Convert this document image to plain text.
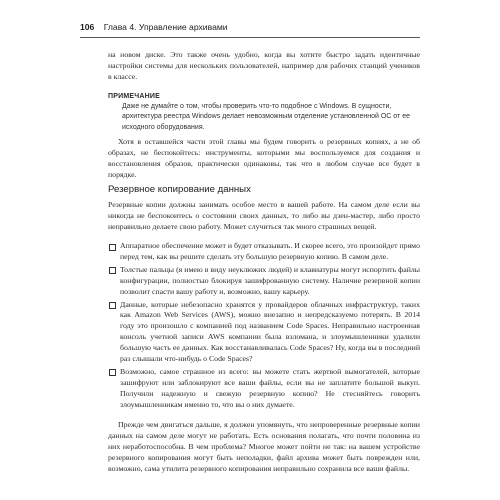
106 Глава 4. Управление архивами

на новом диске. Это также очень удобно, когда вы хотите быстро задать идентичные настройки системы для нескольких пользователей, например для рабочих станций учеников в классе.

ПРИМЕЧАНИЕ

Даже не думайте о том, чтобы проверить что-то подобное с Windows. В сущности, архитектура реестра Windows делает невозможным отделение установленной ОС от ее исходного оборудования.

Хотя в оставшейся части этой главы мы будем говорить о резервных копиях, а не об образах, не беспокойтесь: инструменты, которыми мы воспользуемся для создания и восстановления образов, практически одинаковы, так что в любом случае все будет в порядке.

Резервное копирование данных

Резервные копии должны занимать особое место в вашей работе. На самом деле если вы никогда не беспокоитесь о состоянии своих данных, то либо вы дзен-мастер, либо просто неправильно делаете свою работу. Может случиться так много страшных вещей.

Аппаратное обеспечение может и будет отказывать. И скорее всего, это произойдет прямо перед тем, как вы решите сделать эту большую резервную копию. В самом деле.
Толстые пальцы (я имею в виду неуклюжих людей) и клавиатуры могут испортить файлы конфигурации, полностью блокируя зашифрованную систему. Наличие резервной копии позволит спасти вашу работу и, возможно, вашу карьеру.
Данные, которые небезопасно хранятся у провайдеров облачных инфраструктур, таких как Amazon Web Services (AWS), можно внезапно и непредсказуемо потерять. В 2014 году это произошло с компанией под названием Code Spaces. Неправильно настроенная консоль учетной записи AWS компании была взломана, и злоумышленники удалили большую часть ее данных. Как восстанавливалась Code Spaces? Ну, когда вы в последний раз слышали что-нибудь о Code Spaces?
Возможно, самое страшное из всего: вы можете стать жертвой вымогателей, которые зашифруют или заблокируют все ваши файлы, если вы не заплатите большой выкуп. Получили надежную и свежую резервную копию? Не стесняйтесь говорить злоумышленникам именно то, что вы о них думаете.

Прежде чем двигаться дальше, я должен упомянуть, что непроверенные резервные копии данных на самом деле могут не работать. Есть основания полагать, что почти половина из них неработоспособна. В чем проблема? Многое может пойти не так: на вашем устройстве резервного копирования могут быть неполадки, файл архива может быть поврежден или, возможно, сама утилита резервного копирования неправильно сохранила все ваши файлы.
